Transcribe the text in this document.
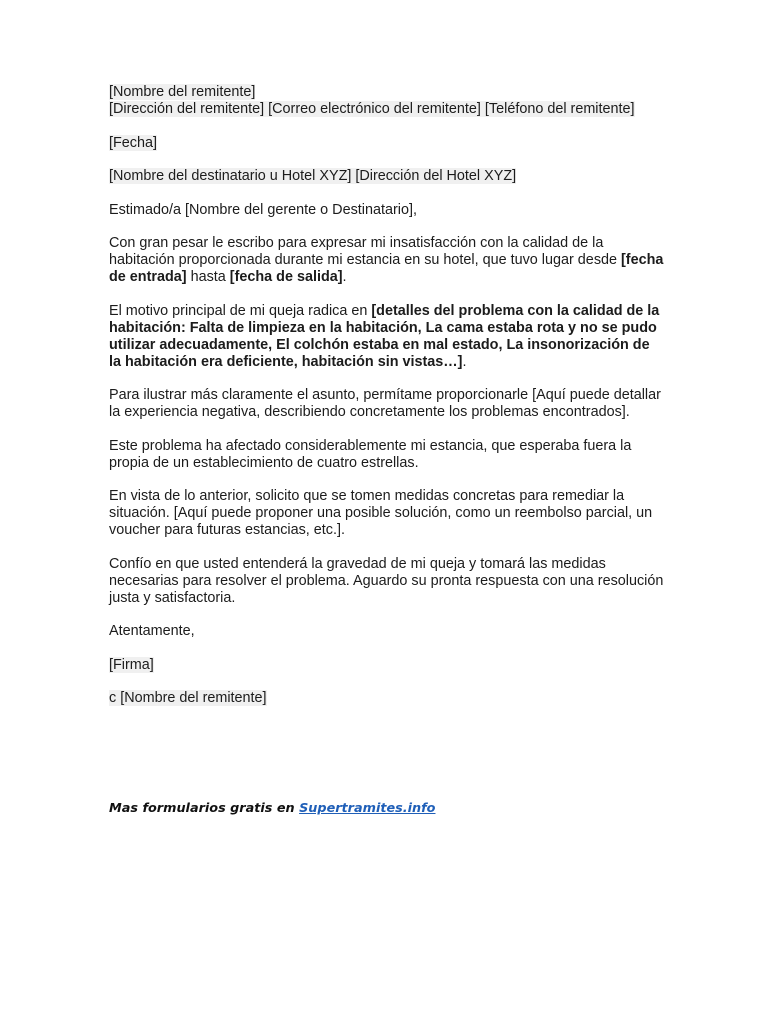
[Nombre del remitente]
[Dirección del remitente] [Correo electrónico del remitente] [Teléfono del remitente]

[Fecha]

[Nombre del destinatario u Hotel XYZ] [Dirección del Hotel XYZ]

Estimado/a [Nombre del gerente o Destinatario],

Con gran pesar le escribo para expresar mi insatisfacción con la calidad de la habitación proporcionada durante mi estancia en su hotel, que tuvo lugar desde [fecha de entrada] hasta [fecha de salida].

El motivo principal de mi queja radica en [detalles del problema con la calidad de la habitación: Falta de limpieza en la habitación, La cama estaba rota y no se pudo utilizar adecuadamente, El colchón estaba en mal estado, La insonorización de la habitación era deficiente, habitación sin vistas…].

Para ilustrar más claramente el asunto, permítame proporcionarle [Aquí puede detallar la experiencia negativa, describiendo concretamente los problemas encontrados].

Este problema ha afectado considerablemente mi estancia, que esperaba fuera la propia de un establecimiento de cuatro estrellas.

En vista de lo anterior, solicito que se tomen medidas concretas para remediar la situación. [Aquí puede proponer una posible solución, como un reembolso parcial, un voucher para futuras estancias, etc.].

Confío en que usted entenderá la gravedad de mi queja y tomará las medidas necesarias para resolver el problema. Aguardo su pronta respuesta con una resolución justa y satisfactoria.

Atentamente,

[Firma]

c [Nombre del remitente]

Mas formularios gratis en Supertramites.info
